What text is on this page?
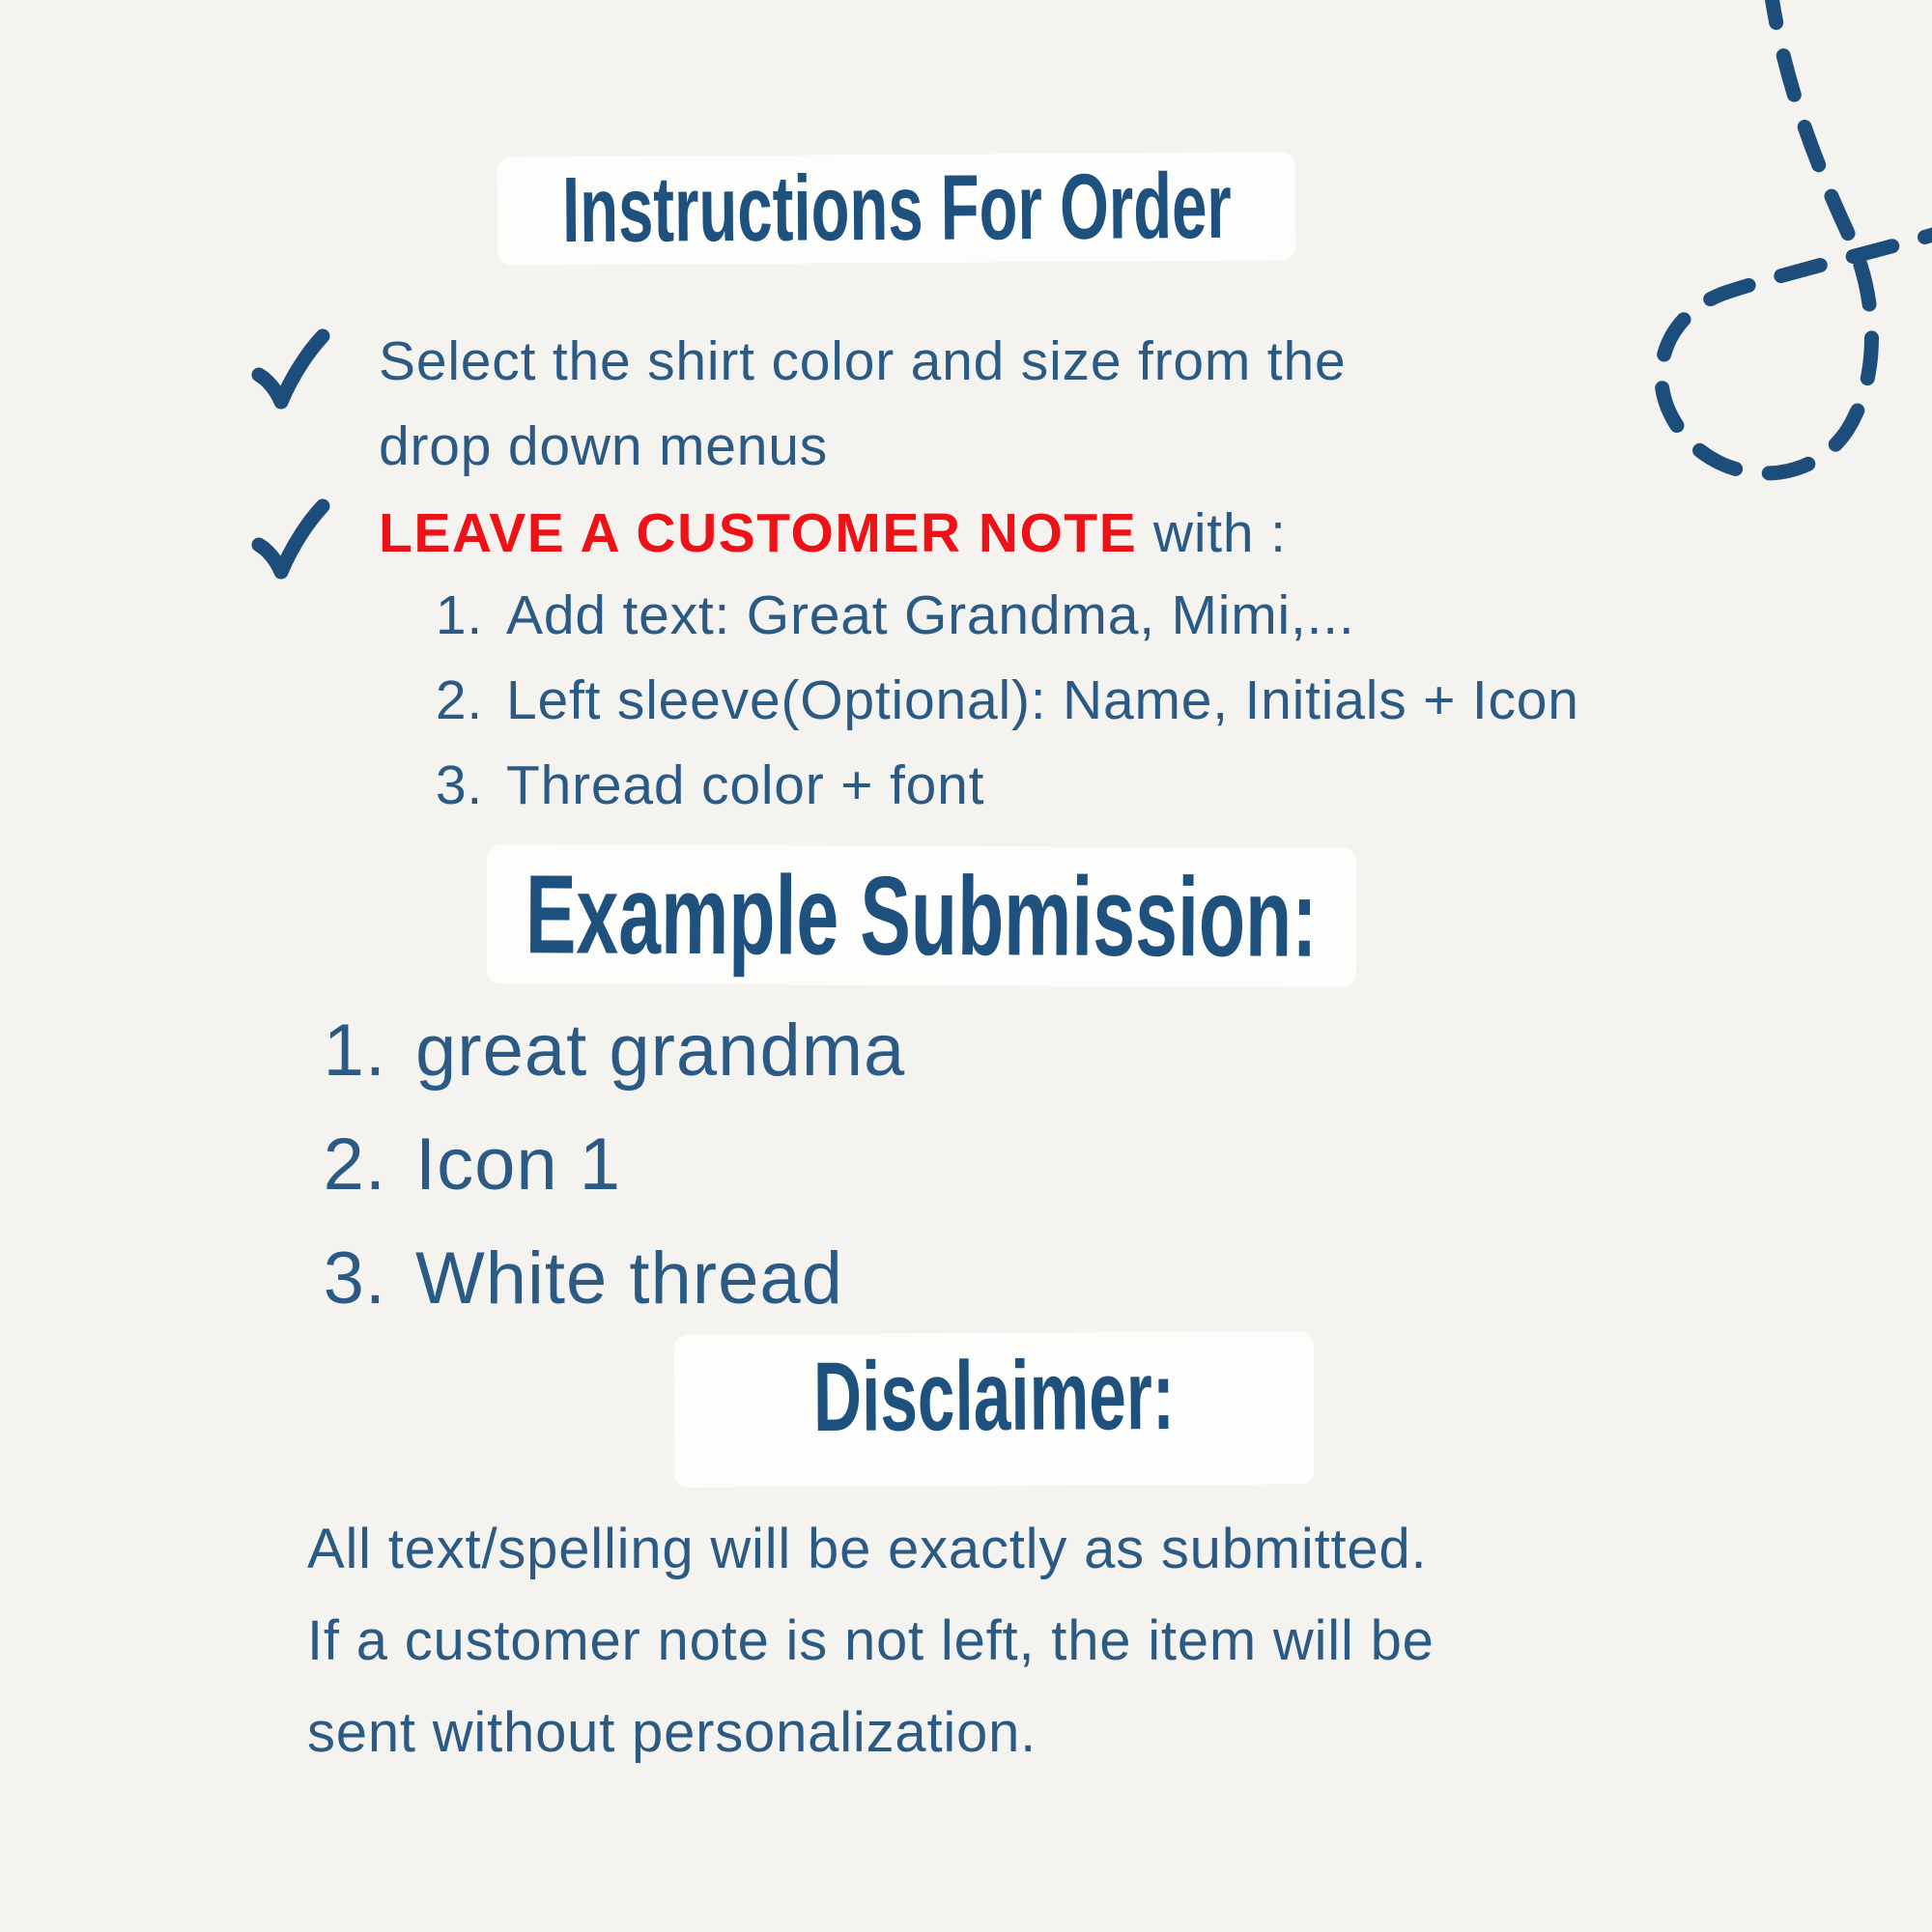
Instructions For Order
Select the shirt color and size from the
drop down menus
LEAVE A CUSTOMER NOTE with :
Add text: Great Grandma, Mimi,...
Left sleeve(Optional): Name, Initials + Icon
Thread color + font
Example Submission:
great grandma
Icon 1
White thread
Disclaimer:
All text/spelling will be exactly as submitted.
If a customer note is not left, the item will be
sent without personalization.
